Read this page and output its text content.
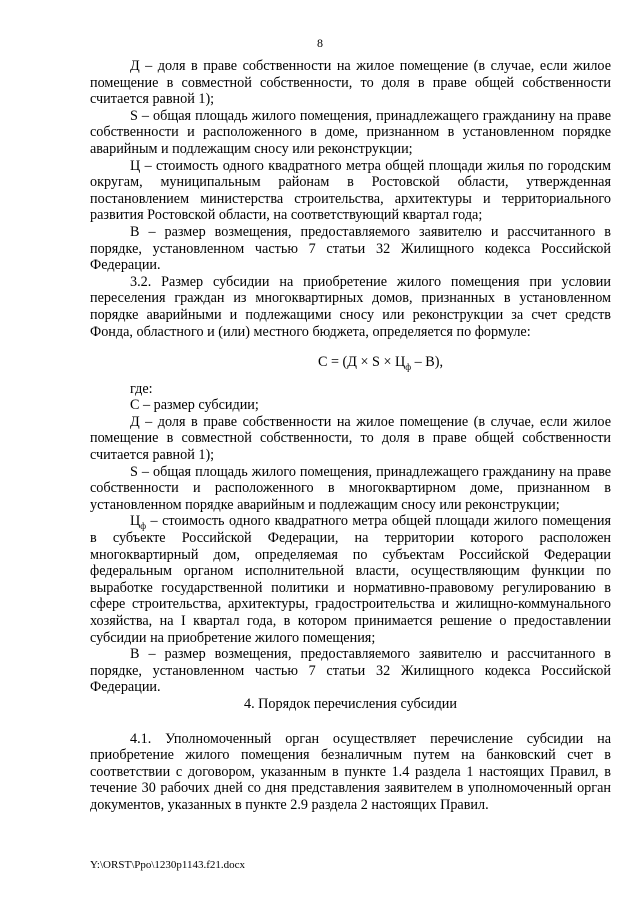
8

Д – доля в праве собственности на жилое помещение (в случае, если жилое помещение в совместной собственности, то доля в праве общей собственности считается равной 1);

S – общая площадь жилого помещения, принадлежащего гражданину на праве собственности и расположенного в доме, признанном в установленном порядке аварийным и подлежащим сносу или реконструкции;

Ц – стоимость одного квадратного метра общей площади жилья по городским округам, муниципальным районам в Ростовской области, утвержденная постановлением министерства строительства, архитектуры и территориального развития Ростовской области, на соответствующий квартал года;

В – размер возмещения, предоставляемого заявителю и рассчитанного в порядке, установленном частью 7 статьи 32 Жилищного кодекса Российской Федерации.

3.2. Размер субсидии на приобретение жилого помещения при условии переселения граждан из многоквартирных домов, признанных в установленном порядке аварийными и подлежащими сносу или реконструкции за счет средств Фонда, областного и (или) местного бюджета, определяется по формуле:

$С = (Д \times S \times Ц_ф - В)$,

где:

С – размер субсидии;

Д – доля в праве собственности на жилое помещение (в случае, если жилое помещение в совместной собственности, то доля в праве общей собственности считается равной 1);

S – общая площадь жилого помещения, принадлежащего гражданину на праве собственности и расположенного в многоквартирном доме, признанном в установленном порядке аварийным и подлежащим сносу или реконструкции;

$Ц_ф$ – стоимость одного квадратного метра общей площади жилого помещения в субъекте Российской Федерации, на территории которого расположен многоквартирный дом, определяемая по субъектам Российской Федерации федеральным органом исполнительной власти, осуществляющим функции по выработке государственной политики и нормативно-правовому регулированию в сфере строительства, архитектуры, градостроительства и жилищно-коммунального хозяйства, на I квартал года, в котором принимается решение о предоставлении субсидии на приобретение жилого помещения;

В – размер возмещения, предоставляемого заявителю и рассчитанного в порядке, установленном частью 7 статьи 32 Жилищного кодекса Российской Федерации.

4. Порядок перечисления субсидии

4.1. Уполномоченный орган осуществляет перечисление субсидии на приобретение жилого помещения безналичным путем на банковский счет в соответствии с договором, указанным в пункте 1.4 раздела 1 настоящих Правил, в течение 30 рабочих дней со дня представления заявителем в уполномоченный орган документов, указанных в пункте 2.9 раздела 2 настоящих Правил.

Y:\ORST\Ppo\1230p1143.f21.docx
